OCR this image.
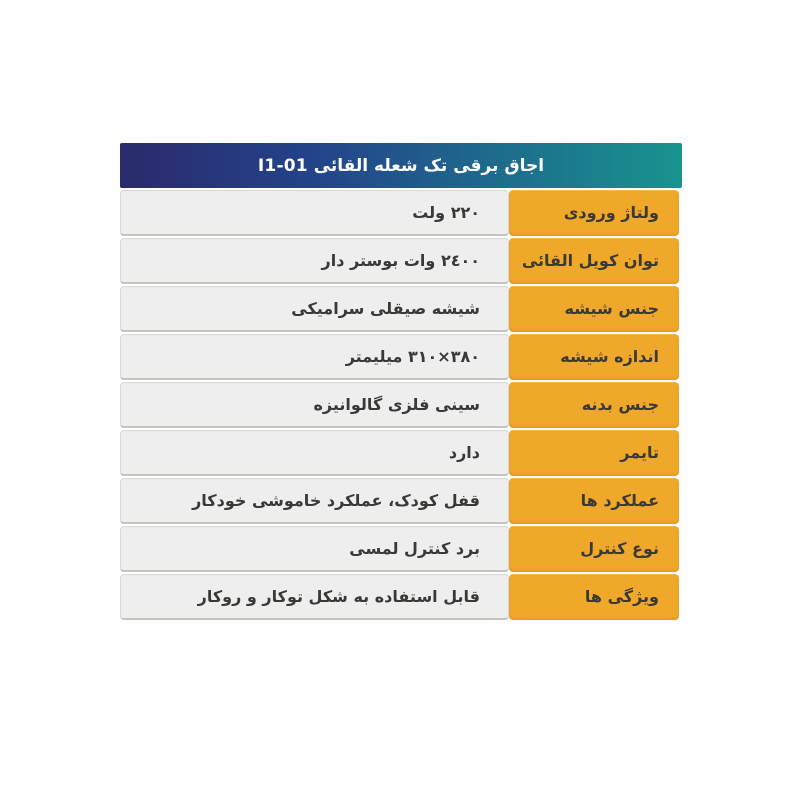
اجاق برقی تک شعله القائی I1-01
۲۲۰ ولت	ولتاژ ورودی
۲٤۰۰ وات بوستر دار	توان کویل القائی
شیشه صیقلی سرامیکی	جنس شیشه
۳۸۰×۳۱۰ میلیمتر	اندازه شیشه
سینی فلزی گالوانیزه	جنس بدنه
دارد	تایمر
قفل کودک، عملکرد خاموشی خودکار	عملکرد ها
برد کنترل لمسی	نوع کنترل
قابل استفاده به شکل توکار و روکار	ویژگی ها
